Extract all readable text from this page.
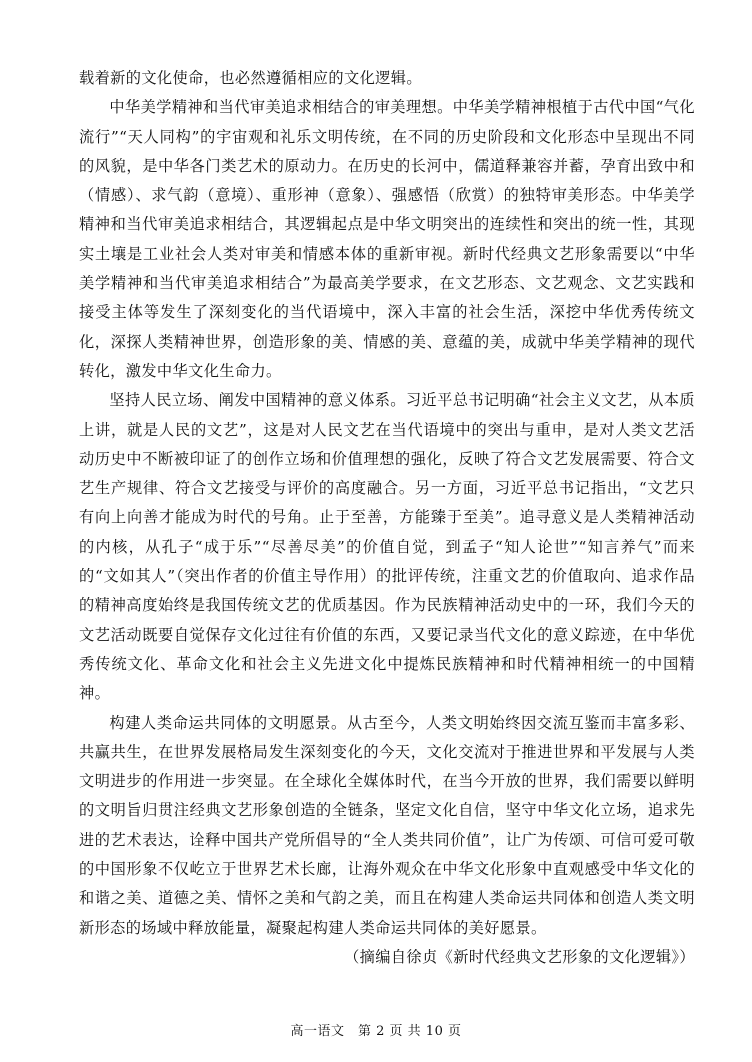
载着新的文化使命，也必然遵循相应的文化逻辑。

中华美学精神和当代审美追求相结合的审美理想。中华美学精神根植于古代中国“气化流行”“天人同构”的宇宙观和礼乐文明传统，在不同的历史阶段和文化形态中呈现出不同的风貌，是中华各门类艺术的原动力。在历史的长河中，儒道释兼容并蓄，孕育出致中和（情感）、求气韵（意境）、重形神（意象）、强感悟（欣赏）的独特审美形态。中华美学精神和当代审美追求相结合，其逻辑起点是中华文明突出的连续性和突出的统一性，其现实土壤是工业社会人类对审美和情感本体的重新审视。新时代经典文艺形象需要以“中华美学精神和当代审美追求相结合”为最高美学要求，在文艺形态、文艺观念、文艺实践和接受主体等发生了深刻变化的当代语境中，深入丰富的社会生活，深挖中华优秀传统文化，深探人类精神世界，创造形象的美、情感的美、意蕴的美，成就中华美学精神的现代转化，激发中华文化生命力。

坚持人民立场、阐发中国精神的意义体系。习近平总书记明确“社会主义文艺，从本质上讲，就是人民的文艺”，这是对人民文艺在当代语境中的突出与重申，是对人类文艺活动历史中不断被印证了的创作立场和价值理想的强化，反映了符合文艺发展需要、符合文艺生产规律、符合文艺接受与评价的高度融合。另一方面，习近平总书记指出，“文艺只有向上向善才能成为时代的号角。止于至善，方能臻于至美”。追寻意义是人类精神活动的内核，从孔子“成于乐”“尽善尽美”的价值自觉，到孟子“知人论世”“知言养气”而来的“文如其人”（突出作者的价值主导作用）的批评传统，注重文艺的价值取向、追求作品的精神高度始终是我国传统文艺的优质基因。作为民族精神活动史中的一环，我们今天的文艺活动既要自觉保存文化过往有价值的东西，又要记录当代文化的意义踪迹，在中华优秀传统文化、革命文化和社会主义先进文化中提炼民族精神和时代精神相统一的中国精神。

构建人类命运共同体的文明愿景。从古至今，人类文明始终因交流互鉴而丰富多彩、共赢共生，在世界发展格局发生深刻变化的今天，文化交流对于推进世界和平发展与人类文明进步的作用进一步突显。在全球化全媒体时代，在当今开放的世界，我们需要以鲜明的文明旨归贯注经典文艺形象创造的全链条，坚定文化自信，坚守中华文化立场，追求先进的艺术表达，诠释中国共产党所倡导的“全人类共同价值”，让广为传颂、可信可爱可敬的中国形象不仅屹立于世界艺术长廊，让海外观众在中华文化形象中直观感受中华文化的和谐之美、道德之美、情怀之美和气韵之美，而且在构建人类命运共同体和创造人类文明新形态的场域中释放能量，凝聚起构建人类命运共同体的美好愿景。

（摘编自徐贞《新时代经典文艺形象的文化逻辑》）

高一语文　第 2 页 共 10 页
